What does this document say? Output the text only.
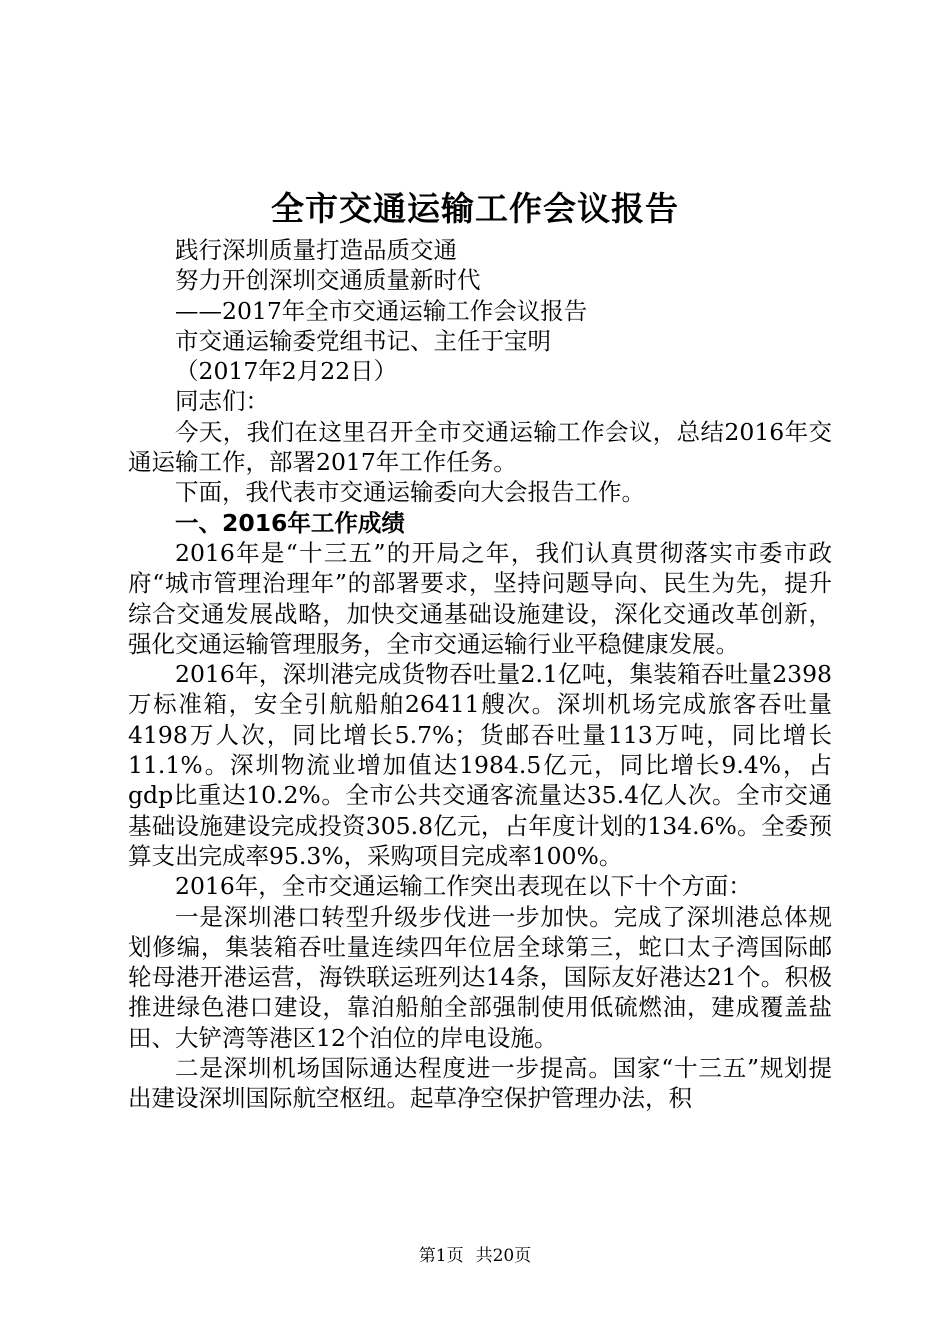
全市交通运输工作会议报告

践行深圳质量打造品质交通

努力开创深圳交通质量新时代

——2017年全市交通运输工作会议报告

市交通运输委党组书记、主任于宝明

（2017年2月22日）

同志们：

今天，我们在这里召开全市交通运输工作会议，总结2016年交通运输工作，部署2017年工作任务。

下面，我代表市交通运输委向大会报告工作。

一、2016年工作成绩

2016年是“十三五”的开局之年，我们认真贯彻落实市委市政府“城市管理治理年”的部署要求，坚持问题导向、民生为先，提升综合交通发展战略，加快交通基础设施建设，深化交通改革创新，强化交通运输管理服务，全市交通运输行业平稳健康发展。

2016年，深圳港完成货物吞吐量2.1亿吨，集装箱吞吐量2398万标准箱，安全引航船舶26411艘次。深圳机场完成旅客吞吐量4198万人次，同比增长5.7%；货邮吞吐量113万吨，同比增长11.1%。深圳物流业增加值达1984.5亿元，同比增长9.4%，占gdp比重达10.2%。全市公共交通客流量达35.4亿人次。全市交通基础设施建设完成投资305.8亿元，占年度计划的134.6%。全委预算支出完成率95.3%，采购项目完成率100%。

2016年，全市交通运输工作突出表现在以下十个方面：

一是深圳港口转型升级步伐进一步加快。完成了深圳港总体规划修编，集装箱吞吐量连续四年位居全球第三，蛇口太子湾国际邮轮母港开港运营，海铁联运班列达14条，国际友好港达21个。积极推进绿色港口建设，靠泊船舶全部强制使用低硫燃油，建成覆盖盐田、大铲湾等港区12个泊位的岸电设施。

二是深圳机场国际通达程度进一步提高。国家“十三五”规划提出建设深圳国际航空枢纽。起草净空保护管理办法，积

第1页 共20页
